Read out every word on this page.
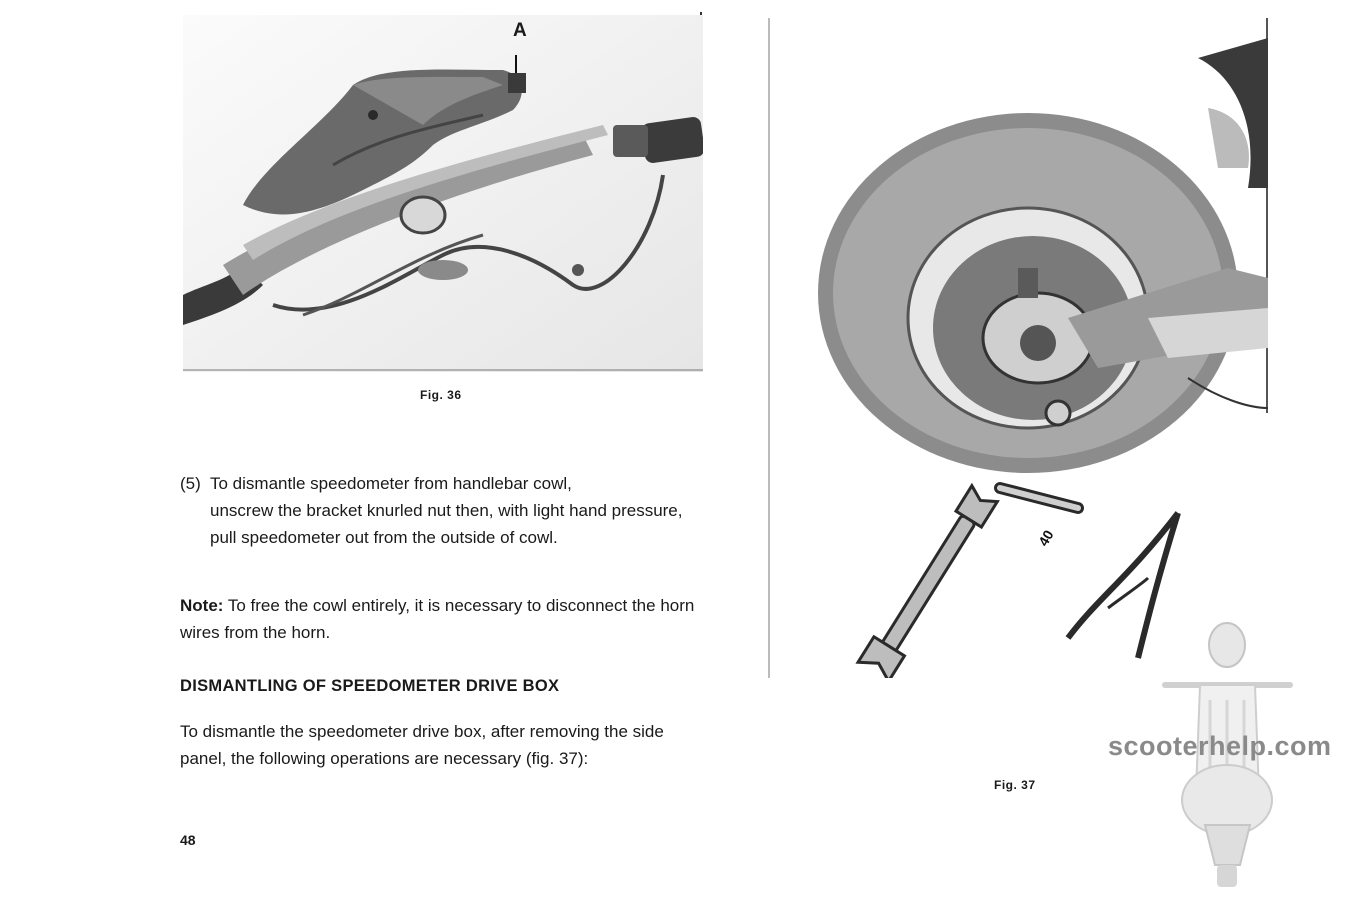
A
Fig. 36

(5) To dismantle speedometer from handlebar cowl,
unscrew the bracket knurled nut then, with light hand pressure, pull speedometer out from the outside of cowl.

Note: To free the cowl entirely, it is necessary to disconnect the horn wires from the horn.

DISMANTLING OF SPEEDOMETER DRIVE BOX

To dismantle the speedometer drive box, after removing the side panel, the following operations are necessary (fig. 37):

48
40
Fig. 37
scooterhelp.com
